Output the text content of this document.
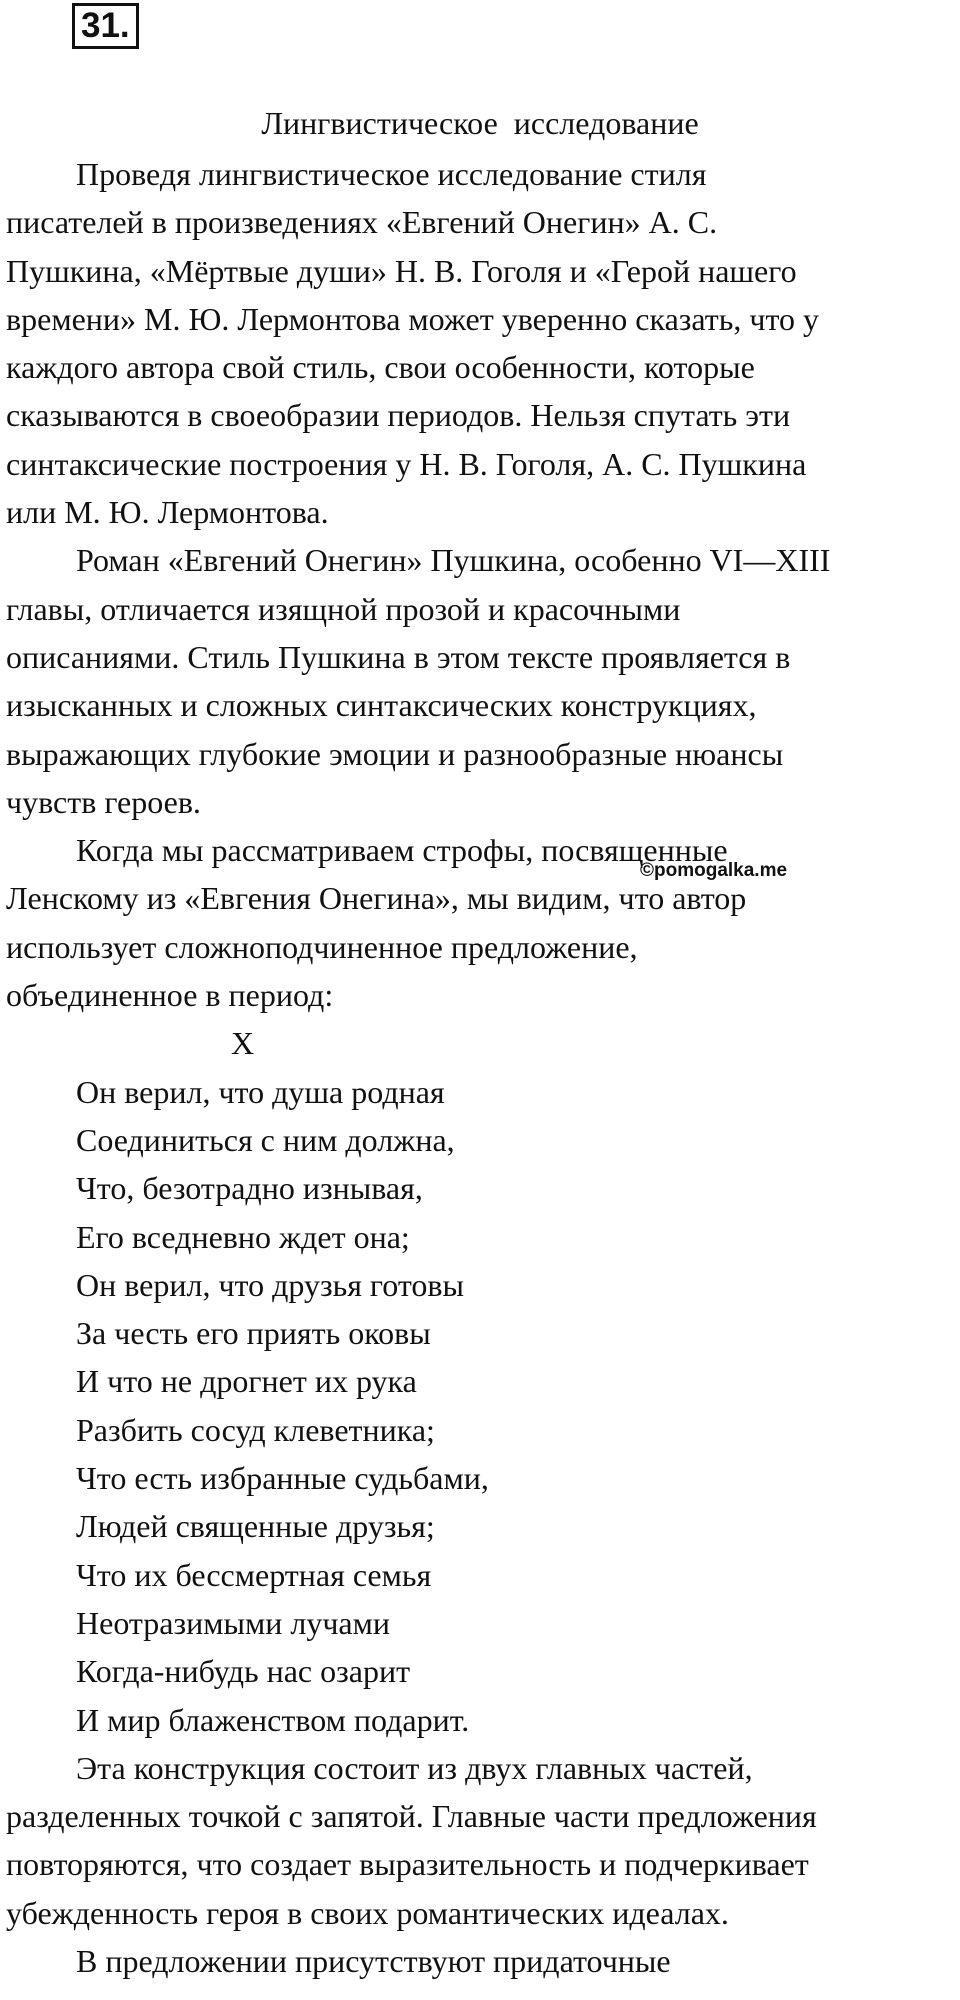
31.
Лингвистическое исследование
Проведя лингвистическое исследование стиля
писателей в произведениях «Евгений Онегин» А. С.
Пушкина, «Мёртвые души» Н. В. Гоголя и «Герой нашего
времени» М. Ю. Лермонтова может уверенно сказать, что у
каждого автора свой стиль, свои особенности, которые
сказываются в своеобразии периодов. Нельзя спутать эти
синтаксические построения у Н. В. Гоголя, А. С. Пушкина
или М. Ю. Лермонтова.
Роман «Евгений Онегин» Пушкина, особенно VI—XIII
главы, отличается изящной прозой и красочными
описаниями. Стиль Пушкина в этом тексте проявляется в
изысканных и сложных синтаксических конструкциях,
выражающих глубокие эмоции и разнообразные нюансы
чувств героев.
Когда мы рассматриваем строфы, посвященные
Ленскому из «Евгения Онегина», мы видим, что автор
использует сложноподчиненное предложение,
объединенное в период:
X
Он верил, что душа родная
Соединиться с ним должна,
Что, безотрадно изнывая,
Его вседневно ждет она;
Он верил, что друзья готовы
За честь его приять оковы
И что не дрогнет их рука
Разбить сосуд клеветника;
Что есть избранные судьбами,
Людей священные друзья;
Что их бессмертная семья
Неотразимыми лучами
Когда-нибудь нас озарит
И мир блаженством подарит.
Эта конструкция состоит из двух главных частей,
разделенных точкой с запятой. Главные части предложения
повторяются, что создает выразительность и подчеркивает
убежденность героя в своих романтических идеалах.
В предложении присутствуют придаточные
©pomogalka.me
